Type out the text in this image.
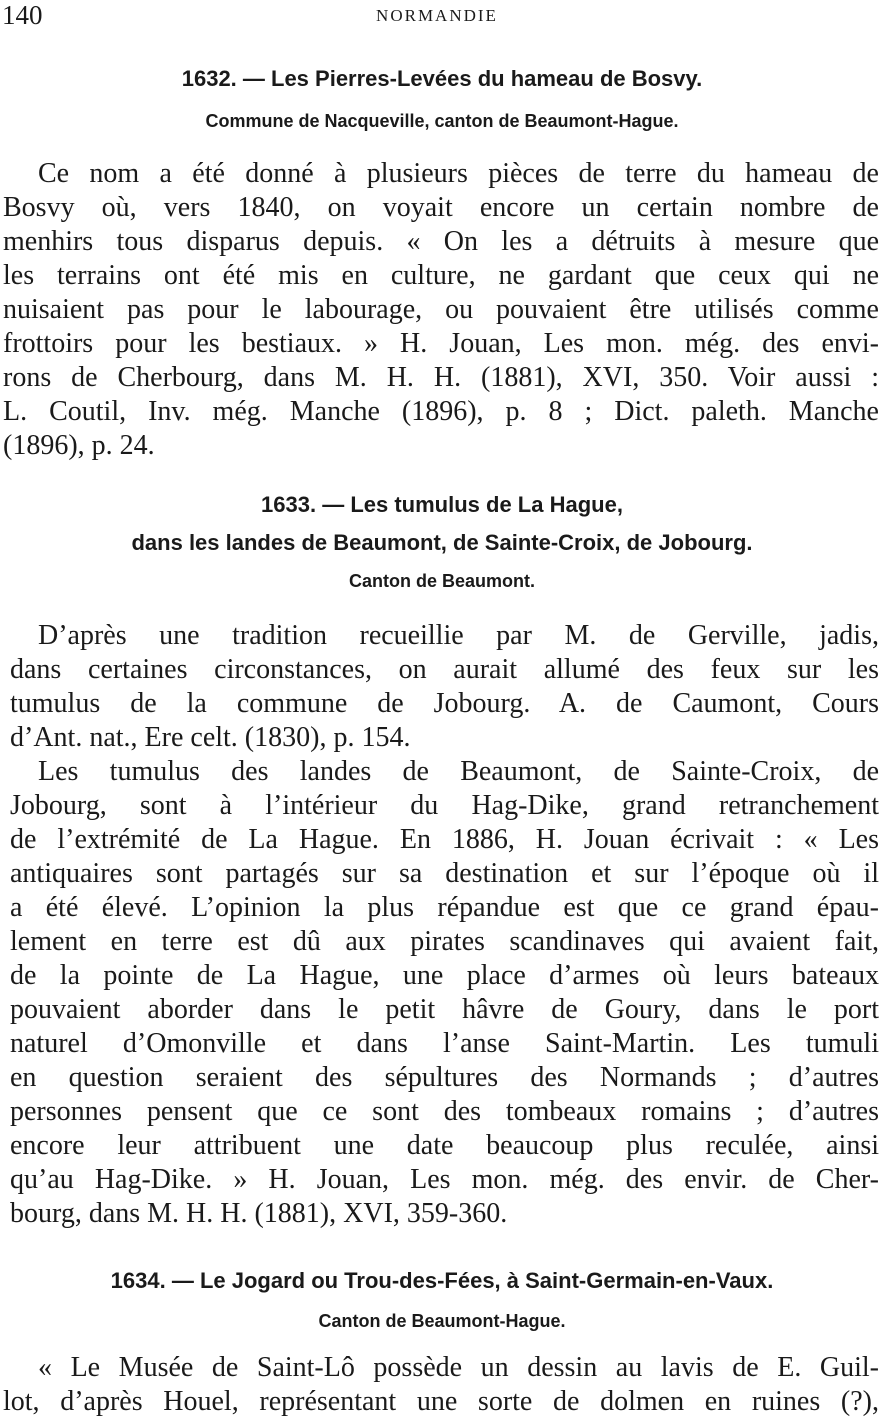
140	NORMANDIE
1632. — Les Pierres-Levées du hameau de Bosvy.
Commune de Nacqueville, canton de Beaumont-Hague.
Ce nom a été donné à plusieurs pièces de terre du hameau de
Bosvy où, vers 1840, on voyait encore un certain nombre de
menhirs tous disparus depuis. « On les a détruits à mesure que
les terrains ont été mis en culture, ne gardant que ceux qui ne
nuisaient pas pour le labourage, ou pouvaient être utilisés comme
frottoirs pour les bestiaux. » H. Jouan, Les mon. még. des envi-
rons de Cherbourg, dans M. H. H. (1881), XVI, 350. Voir aussi :
L. Coutil, Inv. még. Manche (1896), p. 8 ; Dict. paleth. Manche
(1896), p. 24.
1633. — Les tumulus de La Hague,
dans les landes de Beaumont, de Sainte-Croix, de Jobourg.
Canton de Beaumont.
D’après une tradition recueillie par M. de Gerville, jadis,
dans certaines circonstances, on aurait allumé des feux sur les
tumulus de la commune de Jobourg. A. de Caumont, Cours
d’Ant. nat., Ere celt. (1830), p. 154.
Les tumulus des landes de Beaumont, de Sainte-Croix, de
Jobourg, sont à l’intérieur du Hag-Dike, grand retranchement
de l’extrémité de La Hague. En 1886, H. Jouan écrivait : « Les
antiquaires sont partagés sur sa destination et sur l’époque où il
a été élevé. L’opinion la plus répandue est que ce grand épau-
lement en terre est dû aux pirates scandinaves qui avaient fait,
de la pointe de La Hague, une place d’armes où leurs bateaux
pouvaient aborder dans le petit hâvre de Goury, dans le port
naturel d’Omonville et dans l’anse Saint-Martin. Les tumuli
en question seraient des sépultures des Normands ; d’autres
personnes pensent que ce sont des tombeaux romains ; d’autres
encore leur attribuent une date beaucoup plus reculée, ainsi
qu’au Hag-Dike. » H. Jouan, Les mon. még. des envir. de Cher-
bourg, dans M. H. H. (1881), XVI, 359-360.
1634. — Le Jogard ou Trou-des-Fées, à Saint-Germain-en-Vaux.
Canton de Beaumont-Hague.
« Le Musée de Saint-Lô possède un dessin au lavis de E. Guil-
lot, d’après Houel, représentant une sorte de dolmen en ruines (?),
